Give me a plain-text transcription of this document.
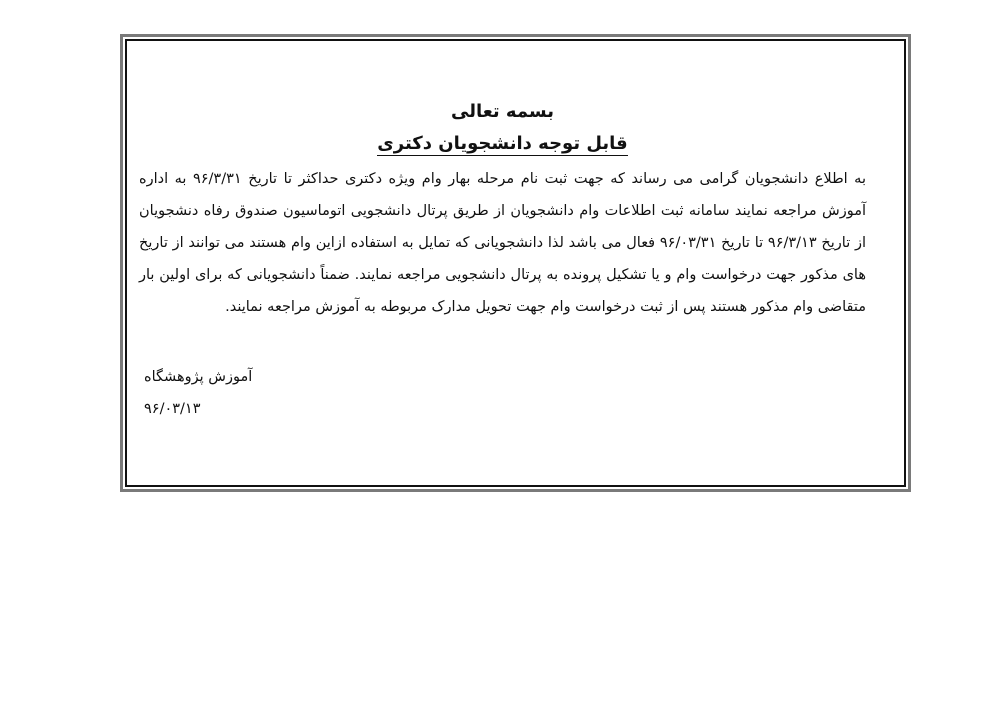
بسمه تعالی

قابل توجه دانشجویان دکتری

به اطلاع دانشجویان گرامی می رساند که جهت ثبت نام مرحله بهار وام ویژه دکتری حداکثر تا تاریخ ۹۶/۳/۳۱ به اداره آموزش مراجعه نمایند سامانه ثبت اطلاعات وام دانشجویان از طریق پرتال دانشجویی اتوماسیون صندوق رفاه دنشجویان از تاریخ ۹۶/۳/۱۳ تا تاریخ ۹۶/۰۳/۳۱ فعال می باشد لذا دانشجویانی که تمایل به استفاده ازاین وام هستند می توانند از تاریخ های مذکور جهت درخواست وام و یا تشکیل پرونده به پرتال دانشجویی مراجعه نمایند. ضمناً دانشجویانی که برای اولین بار متقاضی وام مذکور هستند پس از ثبت درخواست وام جهت تحویل مدارک مربوطه به آموزش مراجعه نمایند.

آموزش پژوهشگاه
۹۶/۰۳/۱۳
